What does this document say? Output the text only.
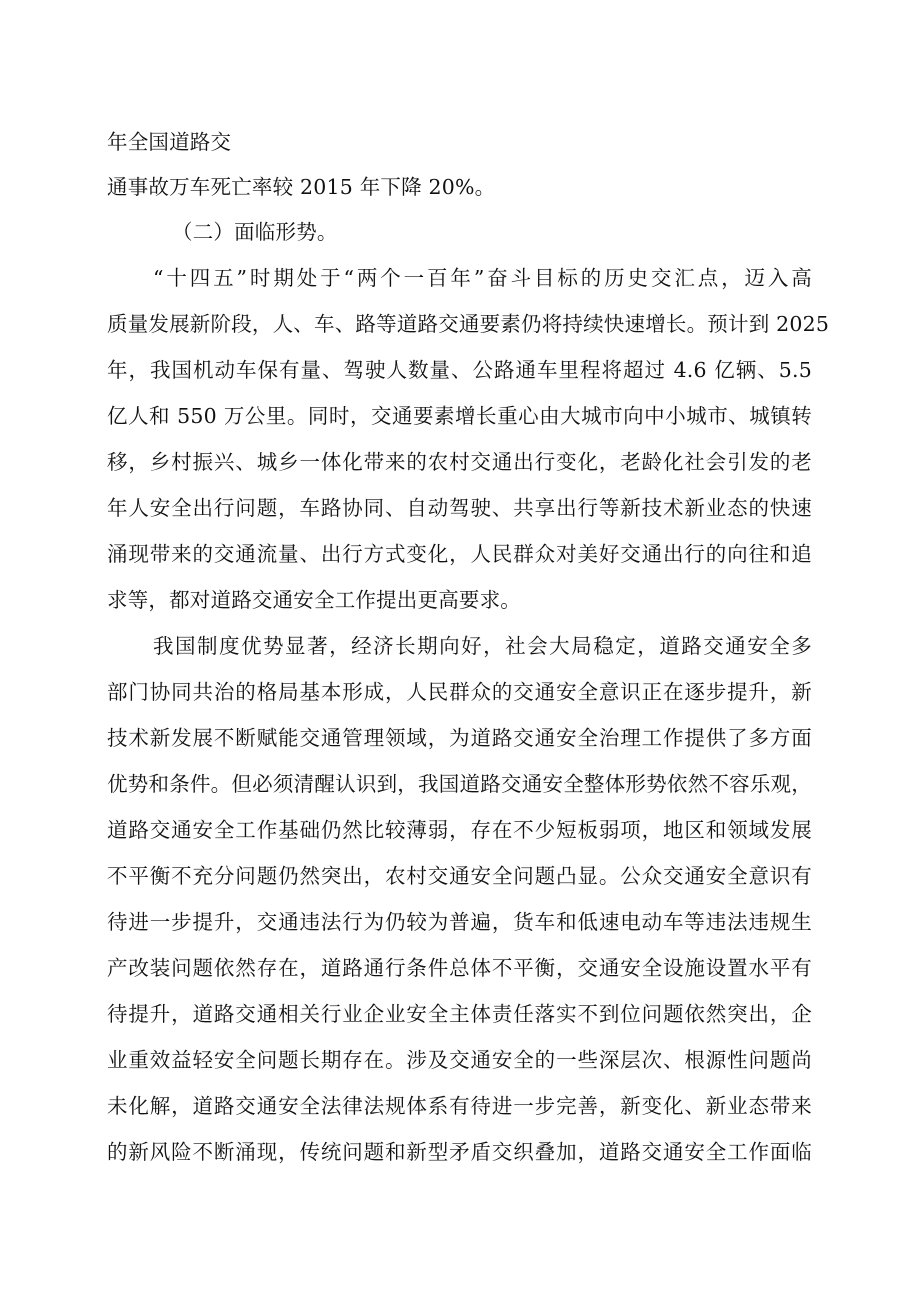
年全国道路交
通事故万车死亡率较 2015 年下降 20%。
（二）面临形势。
“十四五”时期处于“两个一百年”奋斗目标的历史交汇点，迈入高
质量发展新阶段，人、车、路等道路交通要素仍将持续快速增长。预计到 2025
年，我国机动车保有量、驾驶人数量、公路通车里程将超过 4.6 亿辆、5.5
亿人和 550 万公里。同时，交通要素增长重心由大城市向中小城市、城镇转
移，乡村振兴、城乡一体化带来的农村交通出行变化，老龄化社会引发的老
年人安全出行问题，车路协同、自动驾驶、共享出行等新技术新业态的快速
涌现带来的交通流量、出行方式变化，人民群众对美好交通出行的向往和追
求等，都对道路交通安全工作提出更高要求。
我国制度优势显著，经济长期向好，社会大局稳定，道路交通安全多
部门协同共治的格局基本形成，人民群众的交通安全意识正在逐步提升，新
技术新发展不断赋能交通管理领域，为道路交通安全治理工作提供了多方面
优势和条件。但必须清醒认识到，我国道路交通安全整体形势依然不容乐观，
道路交通安全工作基础仍然比较薄弱，存在不少短板弱项，地区和领域发展
不平衡不充分问题仍然突出，农村交通安全问题凸显。公众交通安全意识有
待进一步提升，交通违法行为仍较为普遍，货车和低速电动车等违法违规生
产改装问题依然存在，道路通行条件总体不平衡，交通安全设施设置水平有
待提升，道路交通相关行业企业安全主体责任落实不到位问题依然突出，企
业重效益轻安全问题长期存在。涉及交通安全的一些深层次、根源性问题尚
未化解，道路交通安全法律法规体系有待进一步完善，新变化、新业态带来
的新风险不断涌现，传统问题和新型矛盾交织叠加，道路交通安全工作面临
